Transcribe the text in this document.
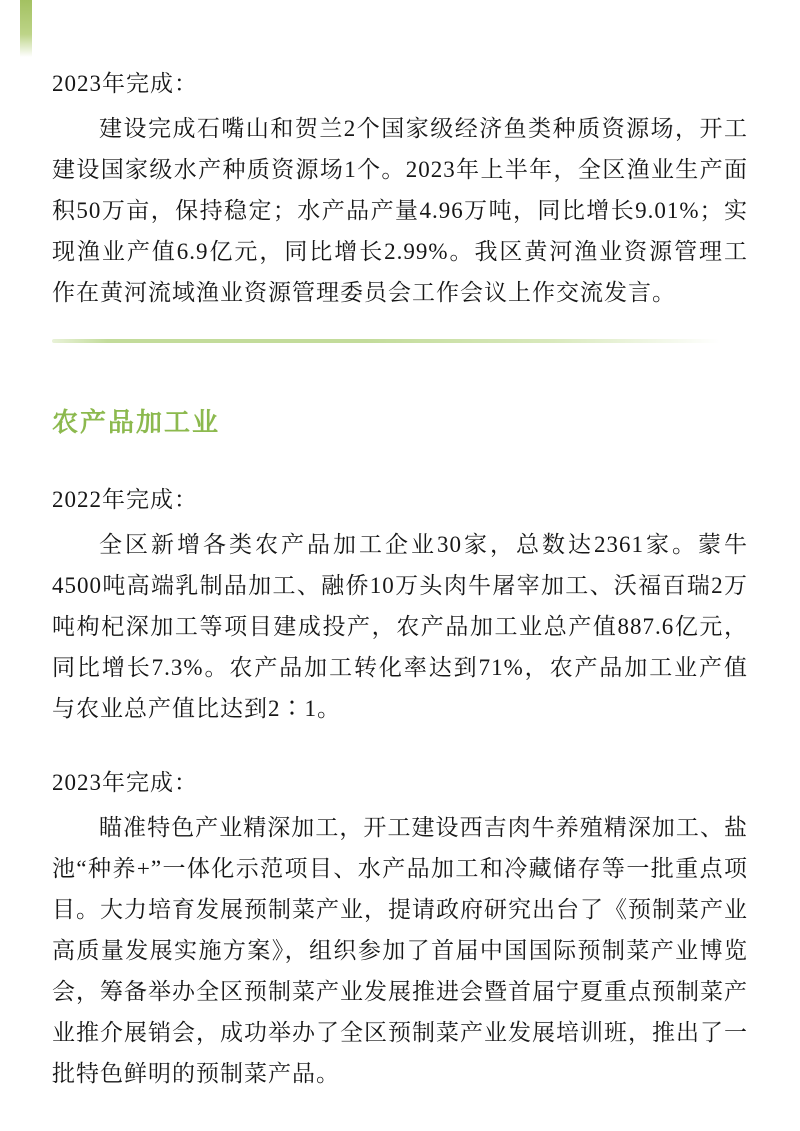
2023年完成：

建设完成石嘴山和贺兰2个国家级经济鱼类种质资源场，开工建设国家级水产种质资源场1个。2023年上半年，全区渔业生产面积50万亩，保持稳定；水产品产量4.96万吨，同比增长9.01%；实现渔业产值6.9亿元，同比增长2.99%。我区黄河渔业资源管理工作在黄河流域渔业资源管理委员会工作会议上作交流发言。

农产品加工业

2022年完成：

全区新增各类农产品加工企业30家，总数达2361家。蒙牛4500吨高端乳制品加工、融侨10万头肉牛屠宰加工、沃福百瑞2万吨枸杞深加工等项目建成投产，农产品加工业总产值887.6亿元，同比增长7.3%。农产品加工转化率达到71%，农产品加工业产值与农业总产值比达到2∶1。

2023年完成：

瞄准特色产业精深加工，开工建设西吉肉牛养殖精深加工、盐池“种养+”一体化示范项目、水产品加工和冷藏储存等一批重点项目。大力培育发展预制菜产业，提请政府研究出台了《预制菜产业高质量发展实施方案》，组织参加了首届中国国际预制菜产业博览会，筹备举办全区预制菜产业发展推进会暨首届宁夏重点预制菜产业推介展销会，成功举办了全区预制菜产业发展培训班，推出了一批特色鲜明的预制菜产品。
